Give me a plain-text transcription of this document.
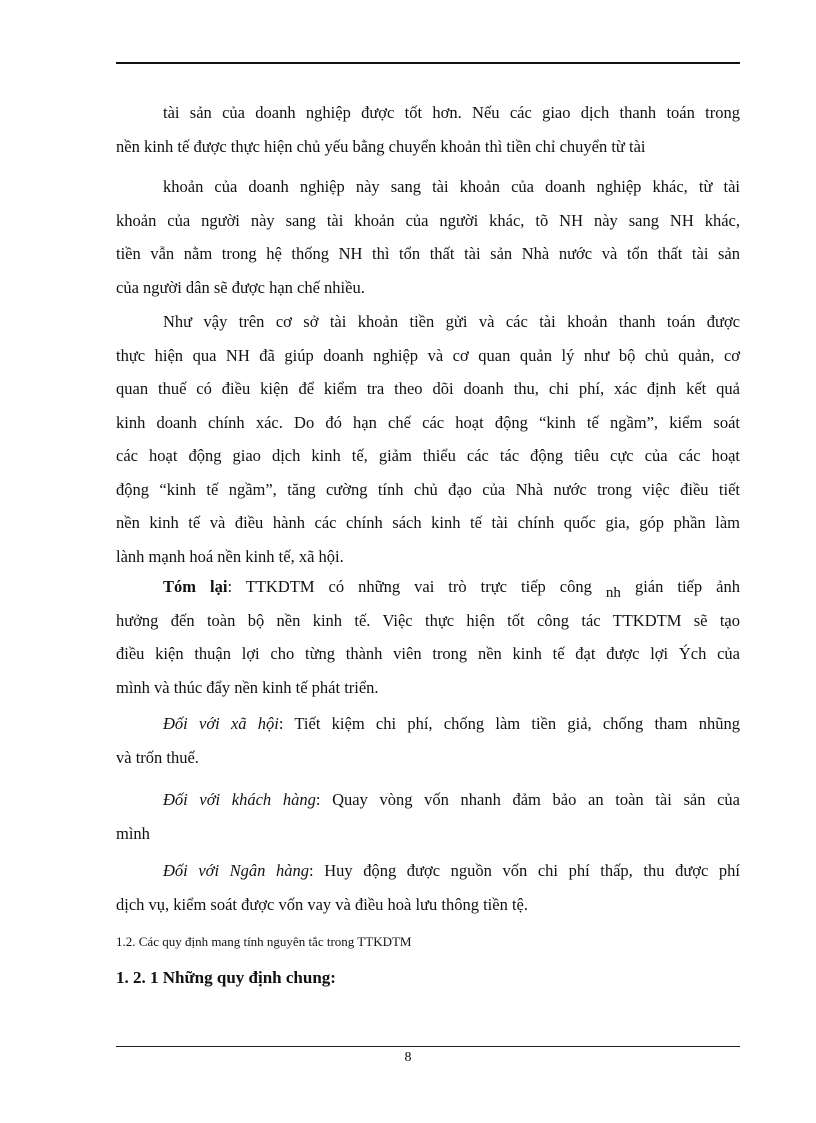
tài sản của doanh nghiệp được tốt hơn. Nếu các giao dịch thanh toán trong
nền kinh tế được thực hiện chủ yếu bằng chuyển khoản thì tiền chỉ chuyển từ tài
khoản của doanh nghiệp này sang tài khoản của doanh nghiệp khác, từ tài
khoản của người này sang tài khoản của người khác, tõ NH này sang NH khác,
tiền vẫn nằm trong hệ thống NH thì tổn thất tài sản Nhà nước và tổn thất tài sản
của người dân sẽ được hạn chế nhiều.
Như vậy trên cơ sở tài khoản tiền gửi và các tài khoản thanh toán được
thực hiện qua NH đã giúp doanh nghiệp và cơ quan quản lý như bộ chủ quản, cơ
quan thuế có điều kiện để kiểm tra theo dõi doanh thu, chi phí, xác định kết quả
kinh doanh chính xác. Do đó hạn chế các hoạt động “kinh tế ngầm”, kiểm soát
các hoạt động giao dịch kinh tế, giảm thiểu các tác động tiêu cực của các hoạt
động “kinh tế ngầm”, tăng cường tính chủ đạo của Nhà nước trong việc điều tiết
nền kinh tế và điều hành các chính sách kinh tế tài chính quốc gia, góp phần làm
lành mạnh hoá nền kinh tế, xã hội.
Tóm lại: TTKDTM có những vai trò trực tiếp công nh gián tiếp ảnh
hưởng đến toàn bộ nền kinh tế. Việc thực hiện tốt công tác TTKDTM sẽ tạo
điều kiện thuận lợi cho từng thành viên trong nền kinh tế đạt được lợi Ých của
mình và thúc đẩy nền kinh tế phát triển.
Đối với xã hội: Tiết kiệm chi phí, chống làm tiền giả, chống tham nhũng
và trốn thuế.
Đối với khách hàng: Quay vòng vốn nhanh đảm bảo an toàn tài sản của
mình
Đối với Ngân hàng: Huy động được nguồn vốn chi phí thấp, thu được phí
dịch vụ, kiểm soát được vốn vay và điều hoà lưu thông tiền tệ.
1.2. Các quy định mang tính nguyên tắc trong TTKDTM
1. 2. 1 Những quy định chung:
8
